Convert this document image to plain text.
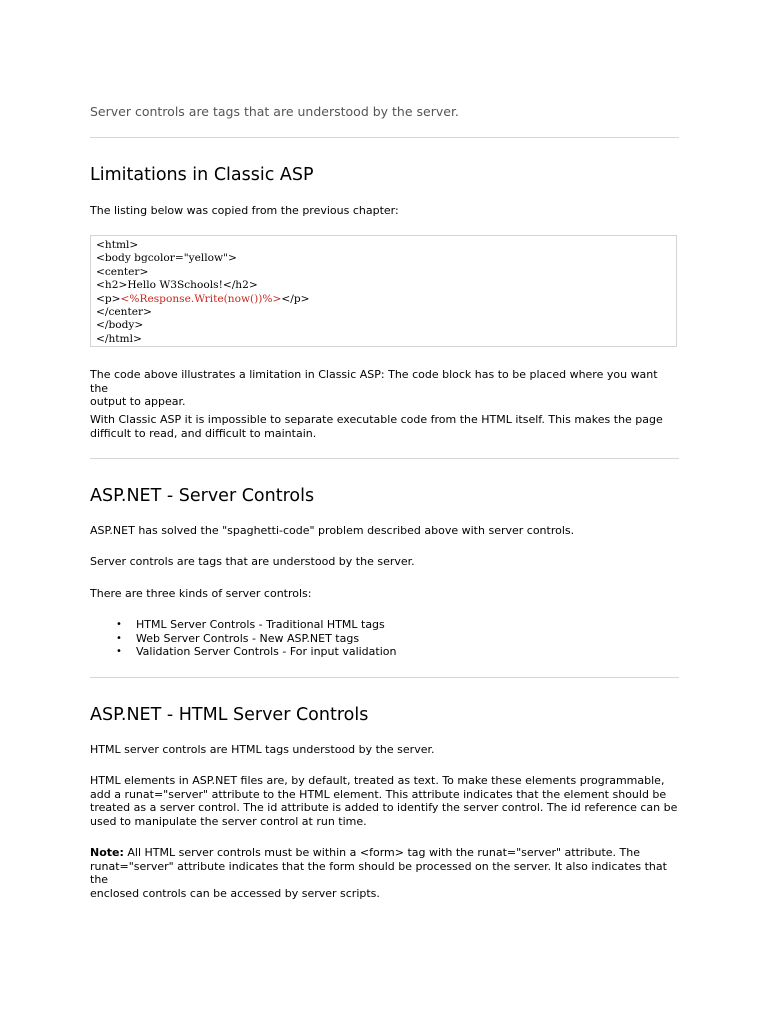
Server controls are tags that are understood by the server.

Limitations in Classic ASP

The listing below was copied from the previous chapter:

<html>
<body bgcolor="yellow">
<center>
<h2>Hello W3Schools!</h2>
<p><%Response.Write(now())%></p>
</center>
</body>
</html>

The code above illustrates a limitation in Classic ASP: The code block has to be placed where you want the
output to appear.

With Classic ASP it is impossible to separate executable code from the HTML itself. This makes the page
difficult to read, and difficult to maintain.

ASP.NET - Server Controls

ASP.NET has solved the "spaghetti-code" problem described above with server controls.

Server controls are tags that are understood by the server.

There are three kinds of server controls:

• HTML Server Controls - Traditional HTML tags
• Web Server Controls - New ASP.NET tags
• Validation Server Controls - For input validation
ASP.NET - HTML Server Controls

HTML server controls are HTML tags understood by the server.

HTML elements in ASP.NET files are, by default, treated as text. To make these elements programmable,
add a runat="server" attribute to the HTML element. This attribute indicates that the element should be
treated as a server control. The id attribute is added to identify the server control. The id reference can be
used to manipulate the server control at run time.

Note: All HTML server controls must be within a <form> tag with the runat="server" attribute. The
runat="server" attribute indicates that the form should be processed on the server. It also indicates that the
enclosed controls can be accessed by server scripts.
